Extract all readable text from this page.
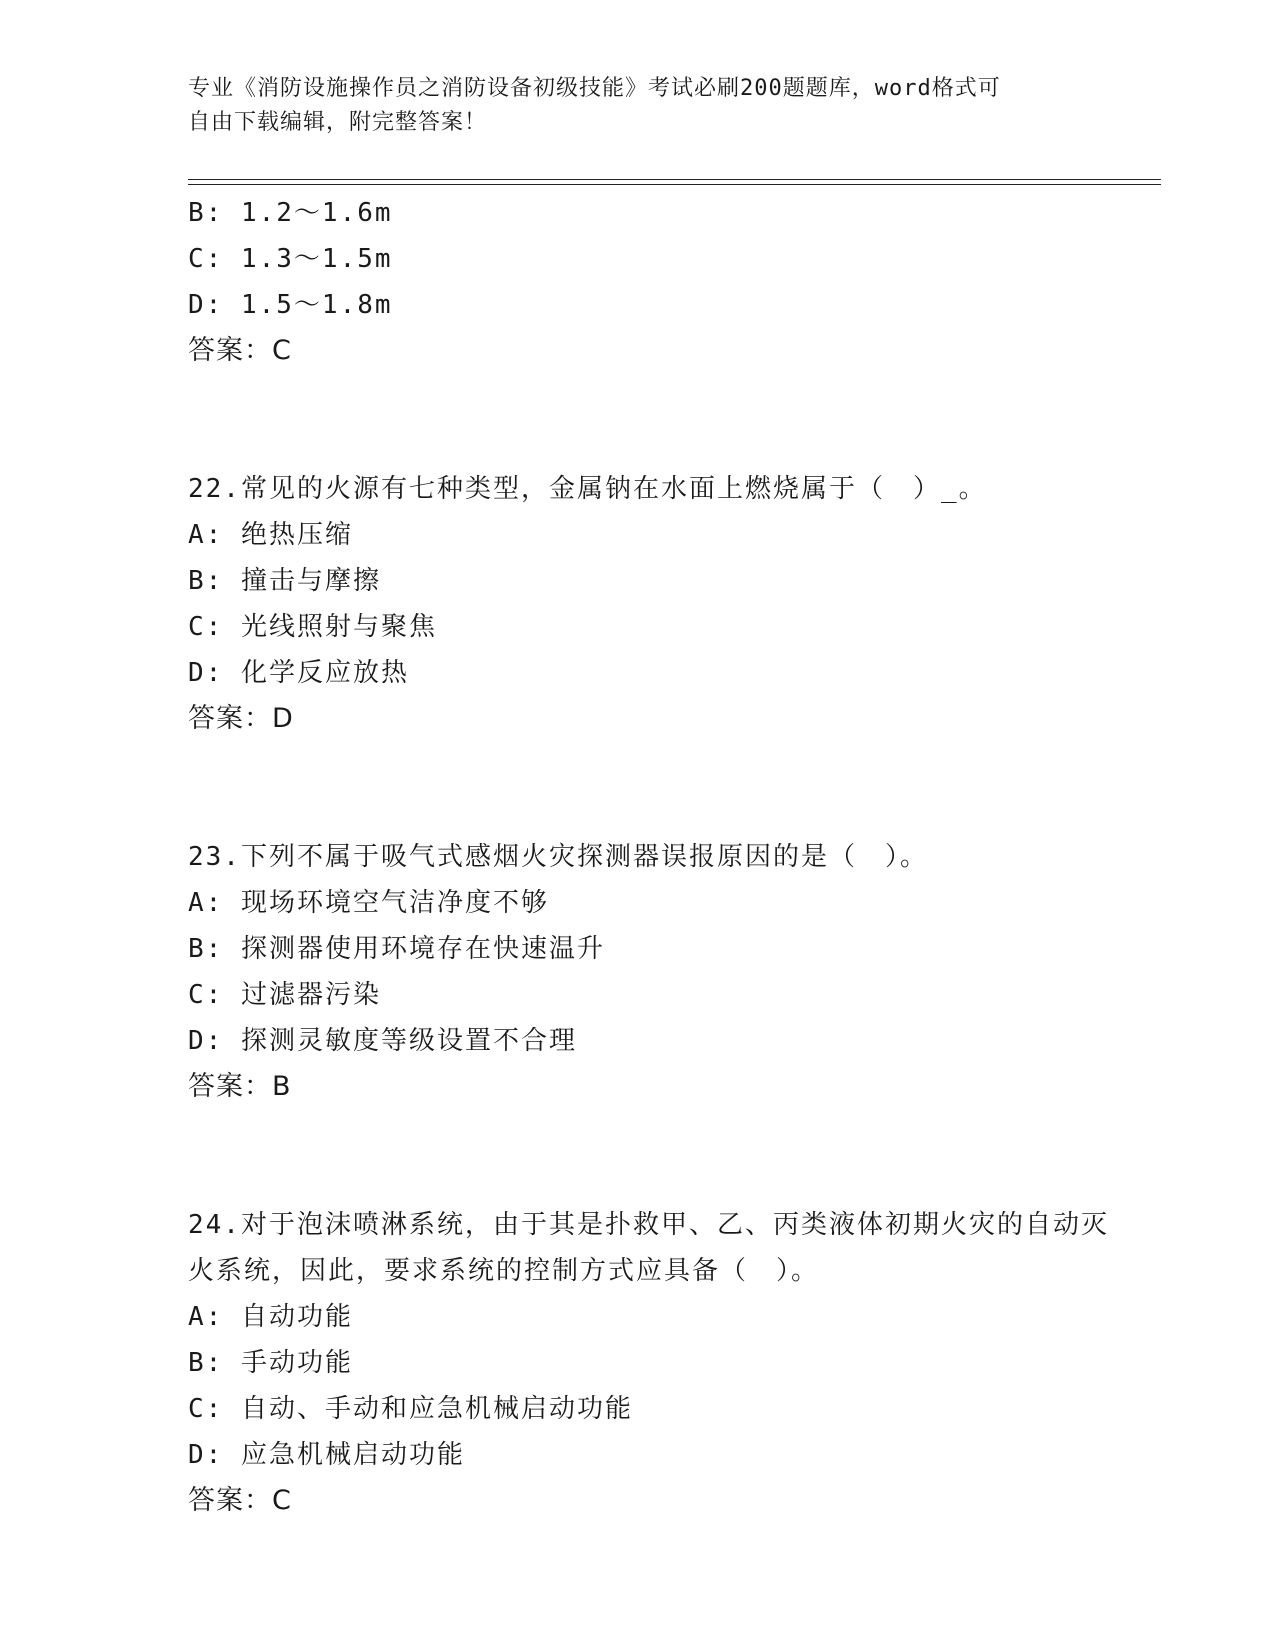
专业《消防设施操作员之消防设备初级技能》考试必刷200题题库，word格式可
自由下载编辑，附完整答案！
B: 1.2～1.6m
C: 1.3～1.5m
D: 1.5～1.8m
答案：C
22.常见的火源有七种类型，金属钠在水面上燃烧属于（　）_。
A: 绝热压缩
B: 撞击与摩擦
C: 光线照射与聚焦
D: 化学反应放热
答案：D
23.下列不属于吸气式感烟火灾探测器误报原因的是（　）。
A: 现场环境空气洁净度不够
B: 探测器使用环境存在快速温升
C: 过滤器污染
D: 探测灵敏度等级设置不合理
答案：B
24.对于泡沫喷淋系统，由于其是扑救甲、乙、丙类液体初期火灾的自动灭火系统，因此，要求系统的控制方式应具备（　）。
A: 自动功能
B: 手动功能
C: 自动、手动和应急机械启动功能
D: 应急机械启动功能
答案：C
